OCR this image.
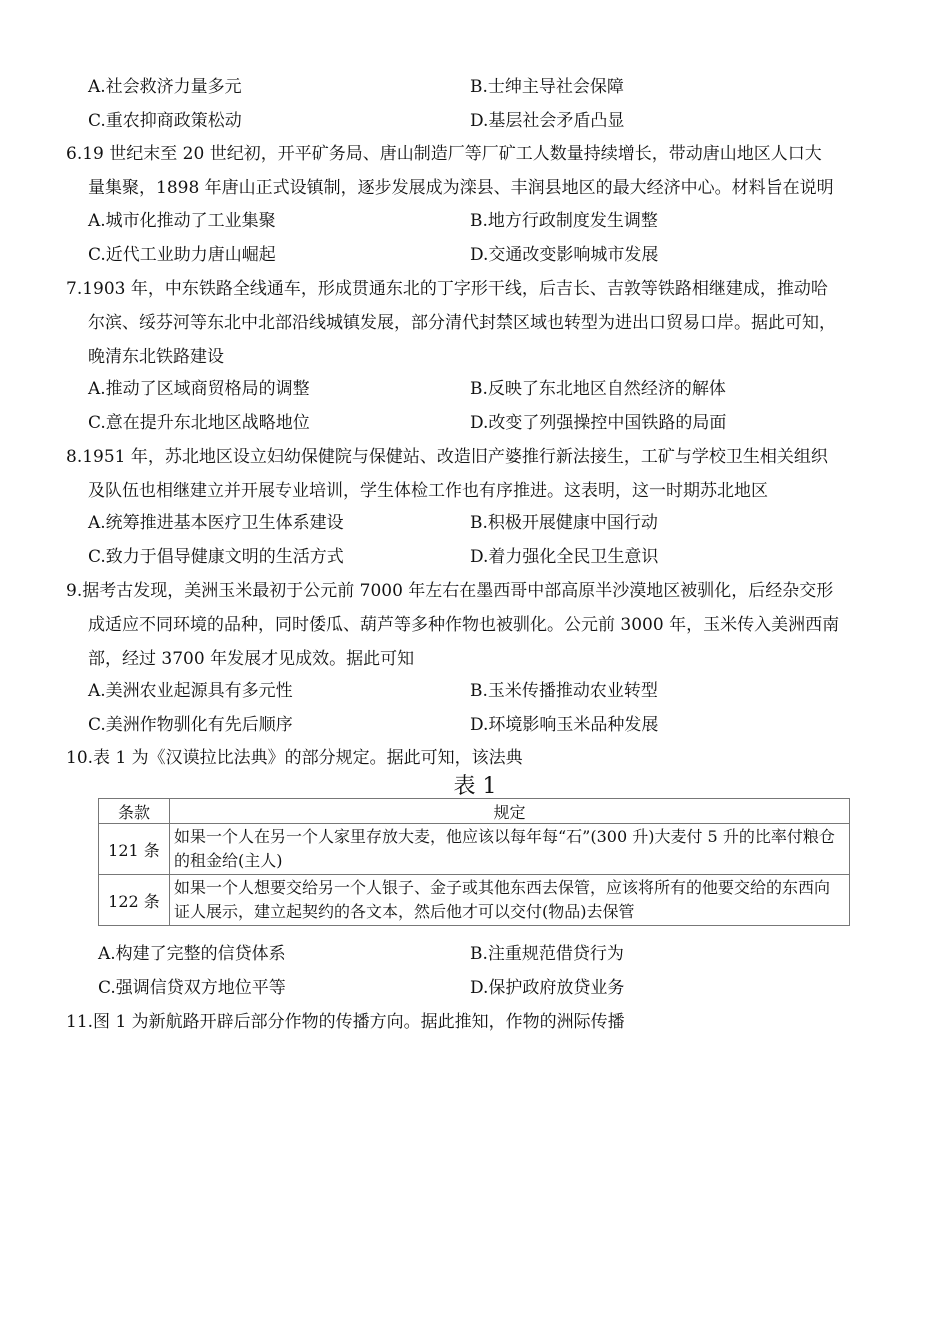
A.社会救济力量多元	B.士绅主导社会保障
C.重农抑商政策松动	D.基层社会矛盾凸显
6.19 世纪末至 20 世纪初，开平矿务局、唐山制造厂等厂矿工人数量持续增长，带动唐山地区人口大
量集聚，1898 年唐山正式设镇制，逐步发展成为滦县、丰润县地区的最大经济中心。材料旨在说明
A.城市化推动了工业集聚	B.地方行政制度发生调整
C.近代工业助力唐山崛起	D.交通改变影响城市发展
7.1903 年，中东铁路全线通车，形成贯通东北的丁字形干线，后吉长、吉敦等铁路相继建成，推动哈
尔滨、绥芬河等东北中北部沿线城镇发展，部分清代封禁区域也转型为进出口贸易口岸。据此可知，
晚清东北铁路建设
A.推动了区域商贸格局的调整	B.反映了东北地区自然经济的解体
C.意在提升东北地区战略地位	D.改变了列强操控中国铁路的局面
8.1951 年，苏北地区设立妇幼保健院与保健站、改造旧产婆推行新法接生，工矿与学校卫生相关组织
及队伍也相继建立并开展专业培训，学生体检工作也有序推进。这表明，这一时期苏北地区
A.统筹推进基本医疗卫生体系建设	B.积极开展健康中国行动
C.致力于倡导健康文明的生活方式	D.着力强化全民卫生意识
9.据考古发现，美洲玉米最初于公元前 7000 年左右在墨西哥中部高原半沙漠地区被驯化，后经杂交形
成适应不同环境的品种，同时倭瓜、葫芦等多种作物也被驯化。公元前 3000 年，玉米传入美洲西南
部，经过 3700 年发展才见成效。据此可知
A.美洲农业起源具有多元性	B.玉米传播推动农业转型
C.美洲作物驯化有先后顺序	D.环境影响玉米品种发展
10.表 1 为《汉谟拉比法典》的部分规定。据此可知，该法典
表 1
条款	规定
121 条	如果一个人在另一个人家里存放大麦，他应该以每年每“石”(300 升)大麦付 5 升的比率付粮仓的租金给(主人)
122 条	如果一个人想要交给另一个人银子、金子或其他东西去保管，应该将所有的他要交给的东西向证人展示，建立起契约的各文本，然后他才可以交付(物品)去保管
A.构建了完整的信贷体系	B.注重规范借贷行为
C.强调信贷双方地位平等	D.保护政府放贷业务
11.图 1 为新航路开辟后部分作物的传播方向。据此推知，作物的洲际传播
